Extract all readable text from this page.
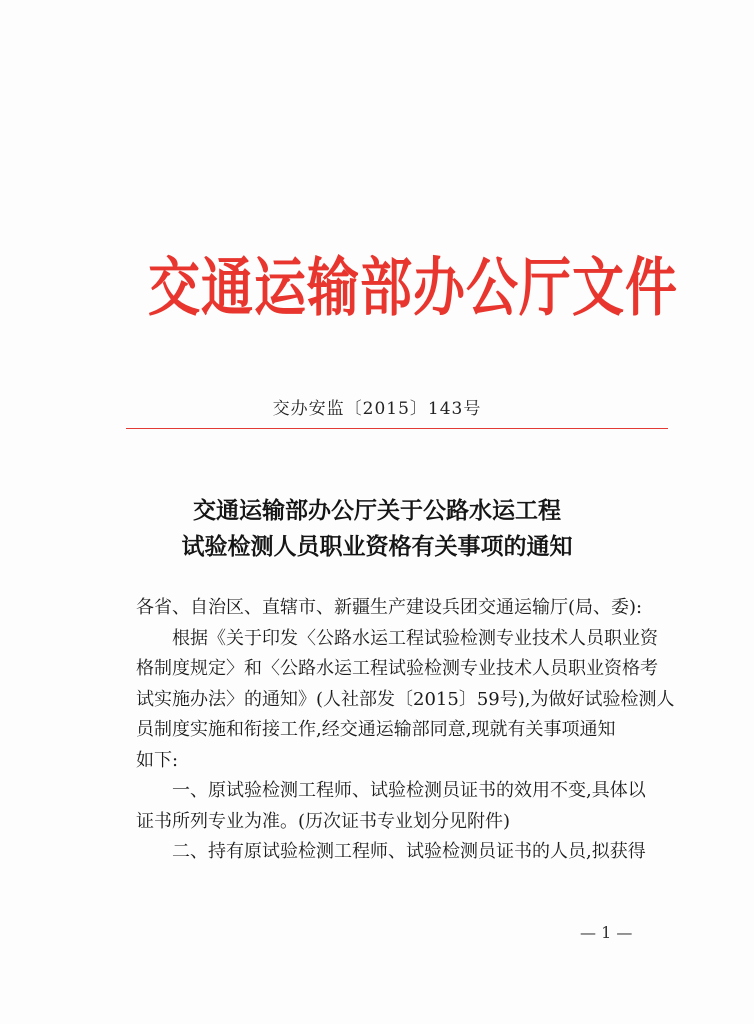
交通运输部办公厅文件
交办安监〔2015〕143号
交通运输部办公厅关于公路水运工程
试验检测人员职业资格有关事项的通知
各省、自治区、直辖市、新疆生产建设兵团交通运输厅(局、委):
根据《关于印发〈公路水运工程试验检测专业技术人员职业资
格制度规定〉和〈公路水运工程试验检测专业技术人员职业资格考
试实施办法〉的通知》(人社部发〔2015〕59号),为做好试验检测人
员制度实施和衔接工作,经交通运输部同意,现就有关事项通知
如下:
一、原试验检测工程师、试验检测员证书的效用不变,具体以
证书所列专业为准。(历次证书专业划分见附件)
二、持有原试验检测工程师、试验检测员证书的人员,拟获得
— 1 —
